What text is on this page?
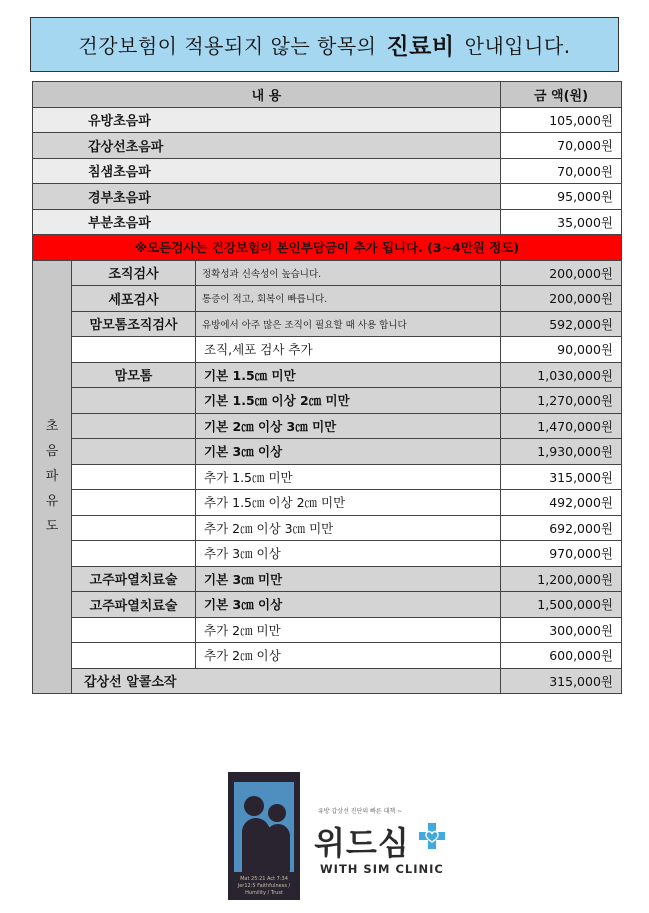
건강보험이 적용되지 않는 항목의 진료비 안내입니다.
내 용			금 액(원)
유방초음파			105,000원
갑상선초음파			70,000원
침샘초음파			70,000원
경부초음파			95,000원
부분초음파			35,000원
※모든검사는 건강보험의 본인부담금이 추가 됩니다. (3~4만원 정도)			
초
음
파
유
도	조직검사	정확성과 신속성이 높습니다.	200,000원
	세포검사	통증이 적고, 회복이 빠릅니다.	200,000원
	맘모톰조직검사	유방에서 아주 많은 조직이 필요할 때 사용 합니다	592,000원
		조직,세포 검사 추가	90,000원
	맘모톰	기본 1.5㎝ 미만	1,030,000원
		기본 1.5㎝ 이상 2㎝ 미만	1,270,000원
		기본 2㎝ 이상 3㎝ 미만	1,470,000원
		기본 3㎝ 이상	1,930,000원
		추가 1.5㎝ 미만	315,000원
		추가 1.5㎝ 이상 2㎝ 미만	492,000원
		추가 2㎝ 이상 3㎝ 미만	692,000원
		추가 3㎝ 이상	970,000원
	고주파열치료술	기본 3㎝ 미만	1,200,000원
	고주파열치료술	기본 3㎝ 이상	1,500,000원
		추가 2㎝ 미만	300,000원
		추가 2㎝ 이상	600,000원
	갑상선 알콜소작		315,000원
Mat 25:21 Act 7:34 Jer12:5 Faithfulness / Humility / Trust
유방 갑상선 진단의 빠른 대책 ~
위드심
WITH SIM CLINIC
